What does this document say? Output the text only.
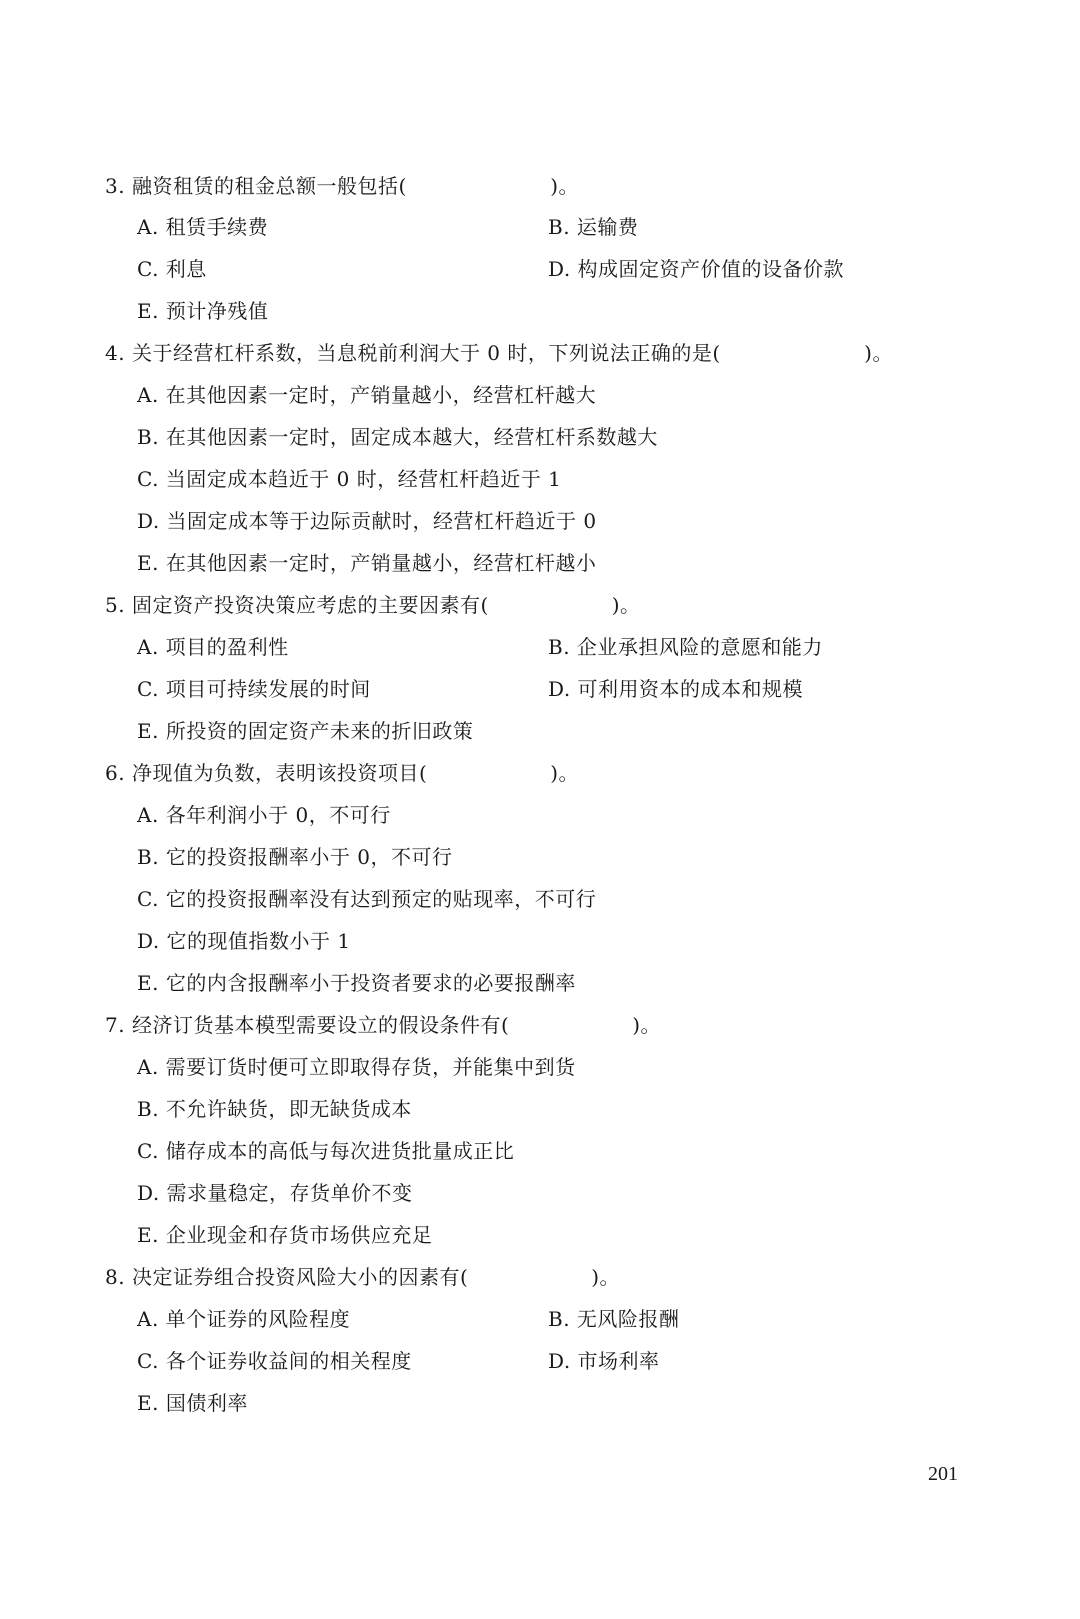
3. 融资租赁的租金总额一般包括(　　　　　　　)。
A. 租赁手续费	B. 运输费
C. 利息	D. 构成固定资产价值的设备价款
E. 预计净残值
4. 关于经营杠杆系数，当息税前利润大于 0 时，下列说法正确的是(　　　　　　　)。
A. 在其他因素一定时，产销量越小，经营杠杆越大
B. 在其他因素一定时，固定成本越大，经营杠杆系数越大
C. 当固定成本趋近于 0 时，经营杠杆趋近于 1
D. 当固定成本等于边际贡献时，经营杠杆趋近于 0
E. 在其他因素一定时，产销量越小，经营杠杆越小
5. 固定资产投资决策应考虑的主要因素有(　　　　　　)。
A. 项目的盈利性	B. 企业承担风险的意愿和能力
C. 项目可持续发展的时间	D. 可利用资本的成本和规模
E. 所投资的固定资产未来的折旧政策
6. 净现值为负数，表明该投资项目(　　　　　　)。
A. 各年利润小于 0，不可行
B. 它的投资报酬率小于 0，不可行
C. 它的投资报酬率没有达到预定的贴现率，不可行
D. 它的现值指数小于 1
E. 它的内含报酬率小于投资者要求的必要报酬率
7. 经济订货基本模型需要设立的假设条件有(　　　　　　)。
A. 需要订货时便可立即取得存货，并能集中到货
B. 不允许缺货，即无缺货成本
C. 储存成本的高低与每次进货批量成正比
D. 需求量稳定，存货单价不变
E. 企业现金和存货市场供应充足
8. 决定证券组合投资风险大小的因素有(　　　　　　)。
A. 单个证券的风险程度	B. 无风险报酬
C. 各个证券收益间的相关程度	D. 市场利率
E. 国债利率
201
